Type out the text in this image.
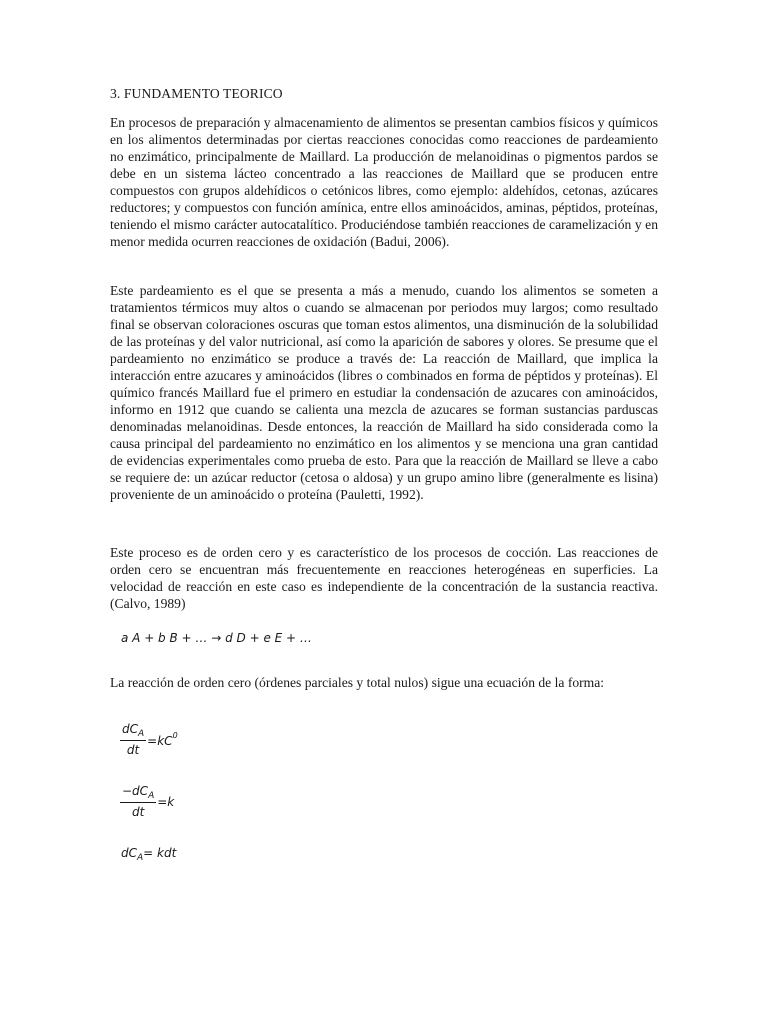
3. FUNDAMENTO TEORICO

En procesos de preparación y almacenamiento de alimentos se presentan cambios físicos y químicos en los alimentos determinadas por ciertas reacciones conocidas como reacciones de pardeamiento no enzimático, principalmente de Maillard. La producción de melanoidinas o pigmentos pardos se debe en un sistema lácteo concentrado a las reacciones de Maillard que se producen entre compuestos con grupos aldehídicos o cetónicos libres, como ejemplo: aldehídos, cetonas, azúcares reductores; y compuestos con función amínica, entre ellos aminoácidos, aminas, péptidos, proteínas, teniendo el mismo carácter autocatalítico. Produciéndose también reacciones de caramelización y en menor medida ocurren reacciones de oxidación (Badui, 2006).

Este pardeamiento es el que se presenta a más a menudo, cuando los alimentos se someten a tratamientos térmicos muy altos o cuando se almacenan por periodos muy largos; como resultado final se observan coloraciones oscuras que toman estos alimentos, una disminución de la solubilidad de las proteínas y del valor nutricional, así como la aparición de sabores y olores. Se presume que el pardeamiento no enzimático se produce a través de: La reacción de Maillard, que implica la interacción entre azucares y aminoácidos (libres o combinados en forma de péptidos y proteínas). El químico francés Maillard fue el primero en estudiar la condensación de azucares con aminoácidos, informo en 1912 que cuando se calienta una mezcla de azucares se forman sustancias parduscas denominadas melanoidinas. Desde entonces, la reacción de Maillard ha sido considerada como la causa principal del pardeamiento no enzimático en los alimentos y se menciona una gran cantidad de evidencias experimentales como prueba de esto. Para que la reacción de Maillard se lleve a cabo se requiere de: un azúcar reductor (cetosa o aldosa) y un grupo amino libre (generalmente es lisina) proveniente de un aminoácido o proteína (Pauletti, 1992).

Este proceso es de orden cero y es característico de los procesos de cocción. Las reacciones de orden cero se encuentran más frecuentemente en reacciones heterogéneas en superficies. La velocidad de reacción en este caso es independiente de la concentración de la sustancia reactiva. (Calvo, 1989)

a A + b B + … → d D + e E + …

La reacción de orden cero (órdenes parciales y total nulos) sigue una ecuación de la forma:

$\frac{dC_A}{dt} =kC^0$
$\frac{-dC_A}{dt} =k$
$dC_A=$ kdt
